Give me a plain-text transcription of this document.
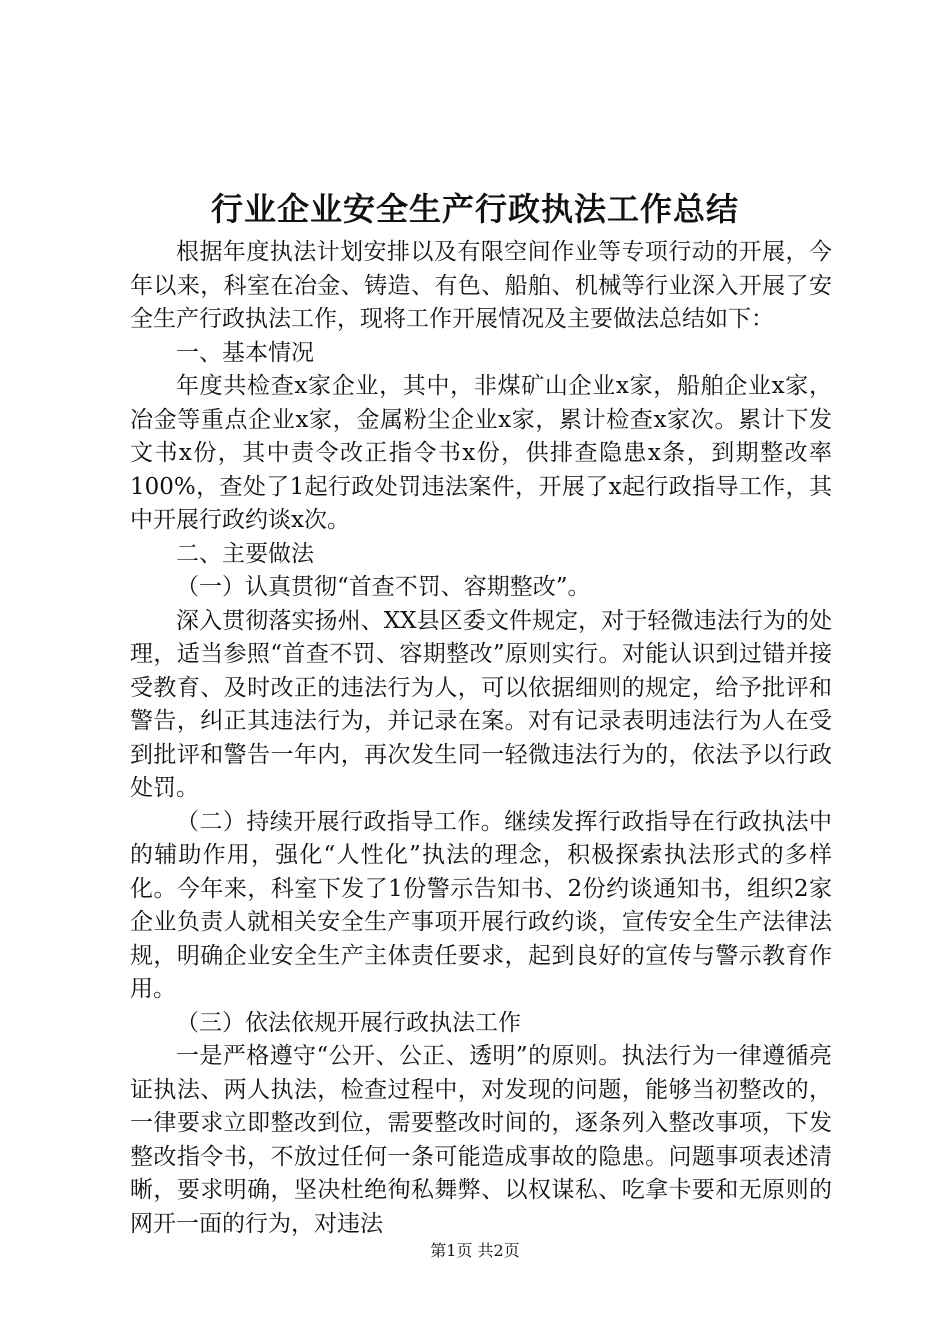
行业企业安全生产行政执法工作总结

根据年度执法计划安排以及有限空间作业等专项行动的开展，今年以来，科室在冶金、铸造、有色、船舶、机械等行业深入开展了安全生产行政执法工作，现将工作开展情况及主要做法总结如下：

一、基本情况

年度共检查x家企业，其中，非煤矿山企业x家，船舶企业x家，冶金等重点企业x家，金属粉尘企业x家，累计检查x家次。累计下发文书x份，其中责令改正指令书x份，供排查隐患x条，到期整改率100%，查处了1起行政处罚违法案件，开展了x起行政指导工作，其中开展行政约谈x次。

二、主要做法

（一）认真贯彻“首查不罚、容期整改”。

深入贯彻落实扬州、XX县区委文件规定，对于轻微违法行为的处理，适当参照“首查不罚、容期整改”原则实行。对能认识到过错并接受教育、及时改正的违法行为人，可以依据细则的规定，给予批评和警告，纠正其违法行为，并记录在案。对有记录表明违法行为人在受到批评和警告一年内，再次发生同一轻微违法行为的，依法予以行政处罚。

（二）持续开展行政指导工作。继续发挥行政指导在行政执法中的辅助作用，强化“人性化”执法的理念，积极探索执法形式的多样化。今年来，科室下发了1份警示告知书、2份约谈通知书，组织2家企业负责人就相关安全生产事项开展行政约谈，宣传安全生产法律法规，明确企业安全生产主体责任要求，起到良好的宣传与警示教育作用。

（三）依法依规开展行政执法工作

一是严格遵守“公开、公正、透明”的原则。执法行为一律遵循亮证执法、两人执法，检查过程中，对发现的问题，能够当初整改的，一律要求立即整改到位，需要整改时间的，逐条列入整改事项，下发整改指令书，不放过任何一条可能造成事故的隐患。问题事项表述清晰，要求明确，坚决杜绝徇私舞弊、以权谋私、吃拿卡要和无原则的网开一面的行为，对违法

第1页 共2页
